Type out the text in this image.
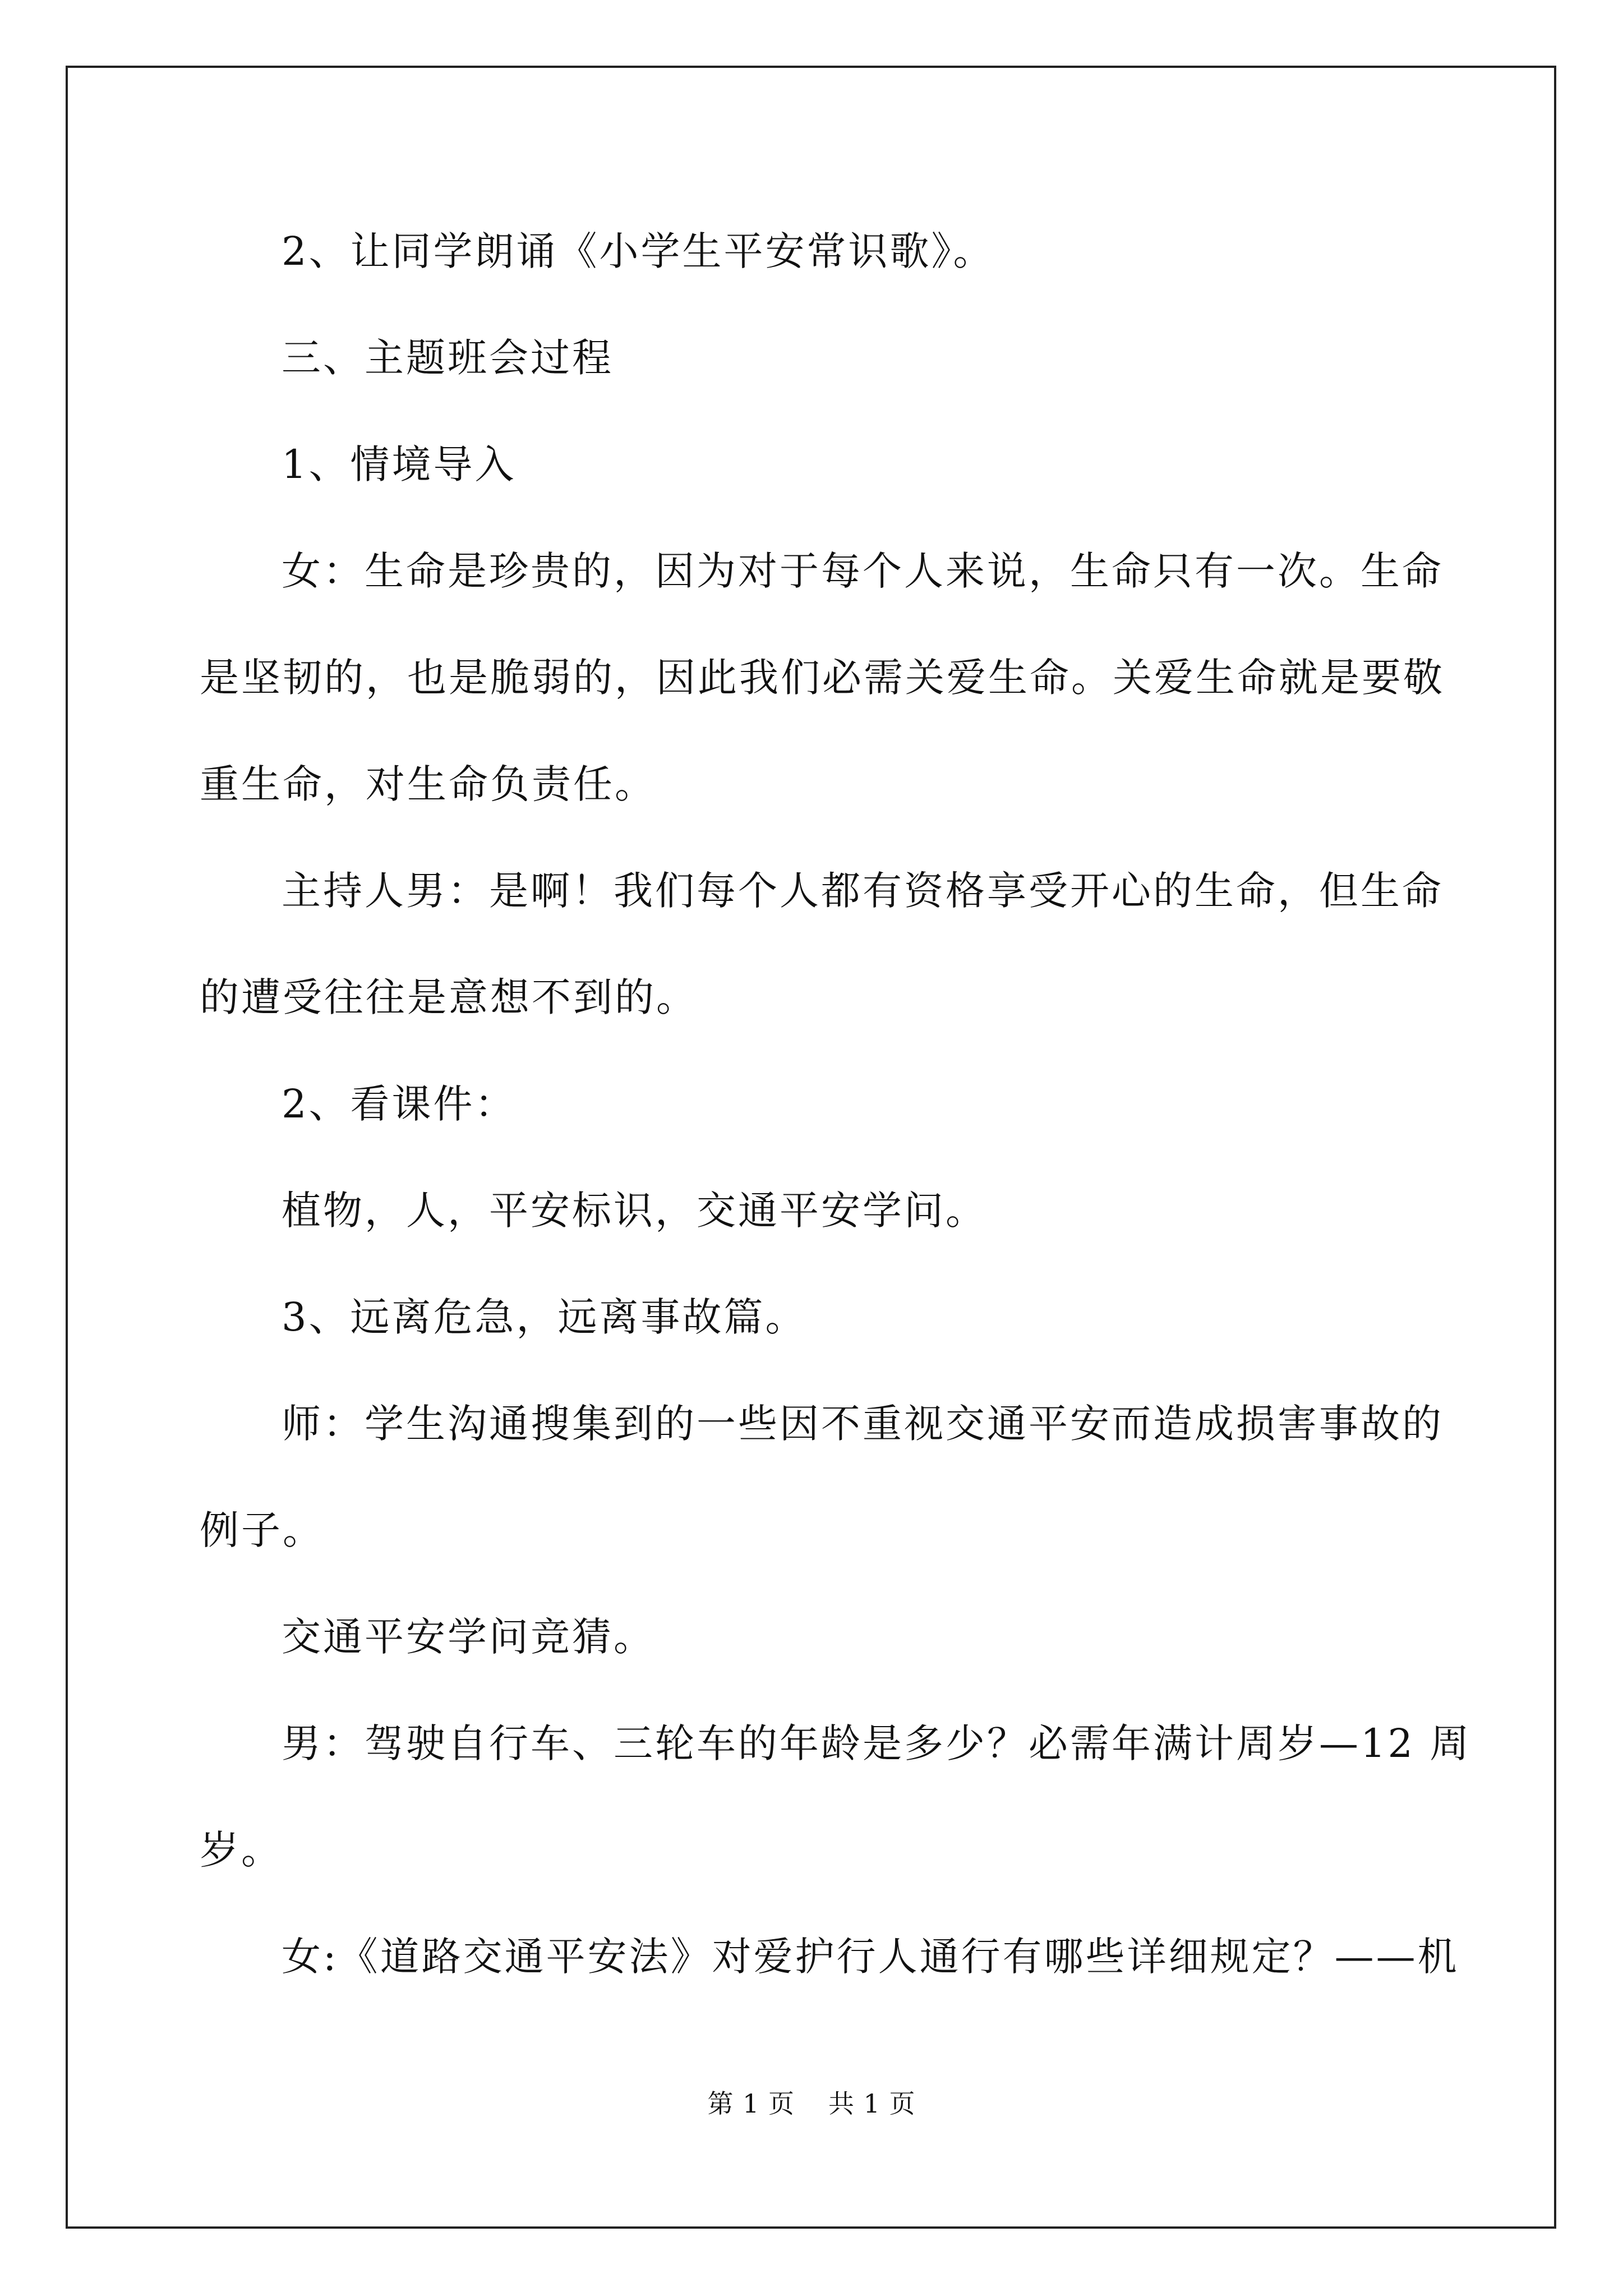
2、让同学朗诵《小学生平安常识歌》。
三、主题班会过程
1、情境导入
女：生命是珍贵的，因为对于每个人来说，生命只有一次。生命
是坚韧的，也是脆弱的，因此我们必需关爱生命。关爱生命就是要敬
重生命，对生命负责任。
主持人男：是啊！我们每个人都有资格享受开心的生命，但生命
的遭受往往是意想不到的。
2、看课件：
植物，人，平安标识，交通平安学问。
3、远离危急，远离事故篇。
师：学生沟通搜集到的一些因不重视交通平安而造成损害事故的
例子。
交通平安学问竞猜。
男：驾驶自行车、三轮车的年龄是多少？必需年满计周岁—12 周
岁。
女:《道路交通平安法》对爱护行人通行有哪些详细规定？——机
第 1 页 共 1 页
